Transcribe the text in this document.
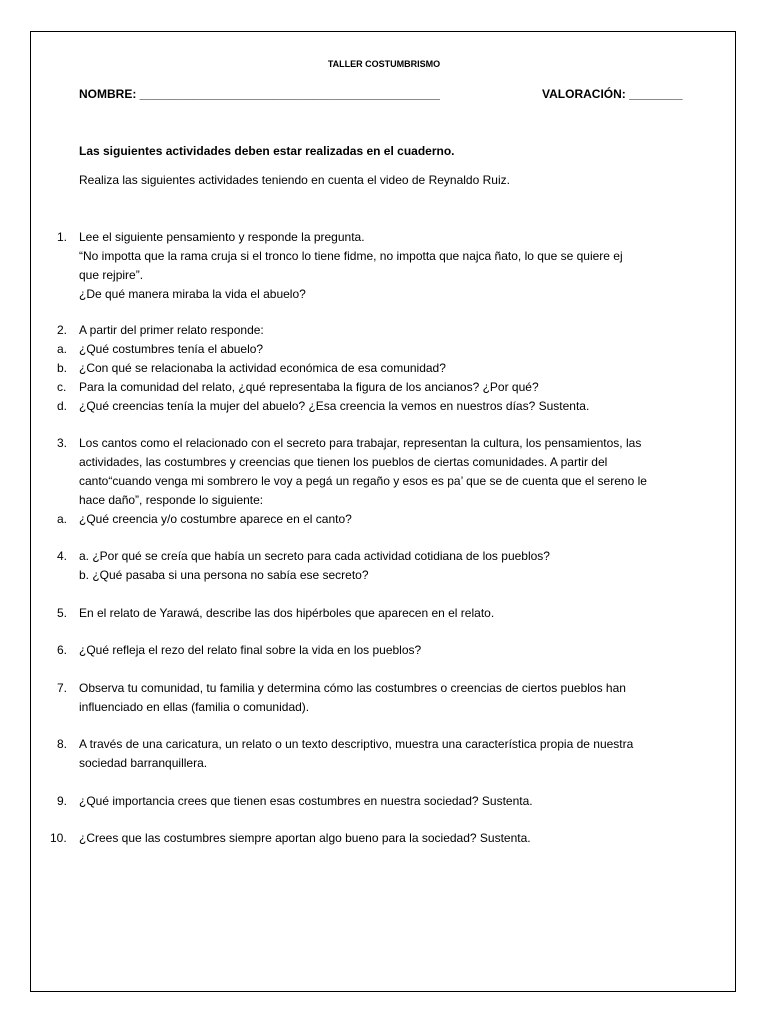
TALLER COSTUMBRISMO
NOMBRE: _____________________________________________	VALORACIÓN: ________
Las siguientes actividades deben estar realizadas en el cuaderno.
Realiza las siguientes actividades teniendo en cuenta el video de Reynaldo Ruiz.
1. Lee el siguiente pensamiento y responde la pregunta.
“No impotta que la rama cruja si el tronco lo tiene fidme, no impotta que najca ñato, lo que se quiere ej
que rejpire”.
¿De qué manera miraba la vida el abuelo?
2. A partir del primer relato responde:
a. ¿Qué costumbres tenía el abuelo?
b. ¿Con qué se relacionaba la actividad económica de esa comunidad?
c. Para la comunidad del relato, ¿qué representaba la figura de los ancianos? ¿Por qué?
d. ¿Qué creencias tenía la mujer del abuelo? ¿Esa creencia la vemos en nuestros días? Sustenta.
3. Los cantos como el relacionado con el secreto para trabajar, representan la cultura, los pensamientos, las
actividades, las costumbres y creencias que tienen los pueblos de ciertas comunidades. A partir del
canto“cuando venga mi sombrero le voy a pegá un regaño y esos es pa’ que se de cuenta que el sereno le
hace daño”, responde lo siguiente:
a. ¿Qué creencia y/o costumbre aparece en el canto?
4. a. ¿Por qué se creía que había un secreto para cada actividad cotidiana de los pueblos?
b. ¿Qué pasaba si una persona no sabía ese secreto?
5. En el relato de Yarawá, describe las dos hipérboles que aparecen en el relato.
6. ¿Qué refleja el rezo del relato final sobre la vida en los pueblos?
7. Observa tu comunidad, tu familia y determina cómo las costumbres o creencias de ciertos pueblos han
influenciado en ellas (familia o comunidad).
8. A través de una caricatura, un relato o un texto descriptivo, muestra una característica propia de nuestra
sociedad barranquillera.
9. ¿Qué importancia crees que tienen esas costumbres en nuestra sociedad? Sustenta.
10. ¿Crees que las costumbres siempre aportan algo bueno para la sociedad? Sustenta.
